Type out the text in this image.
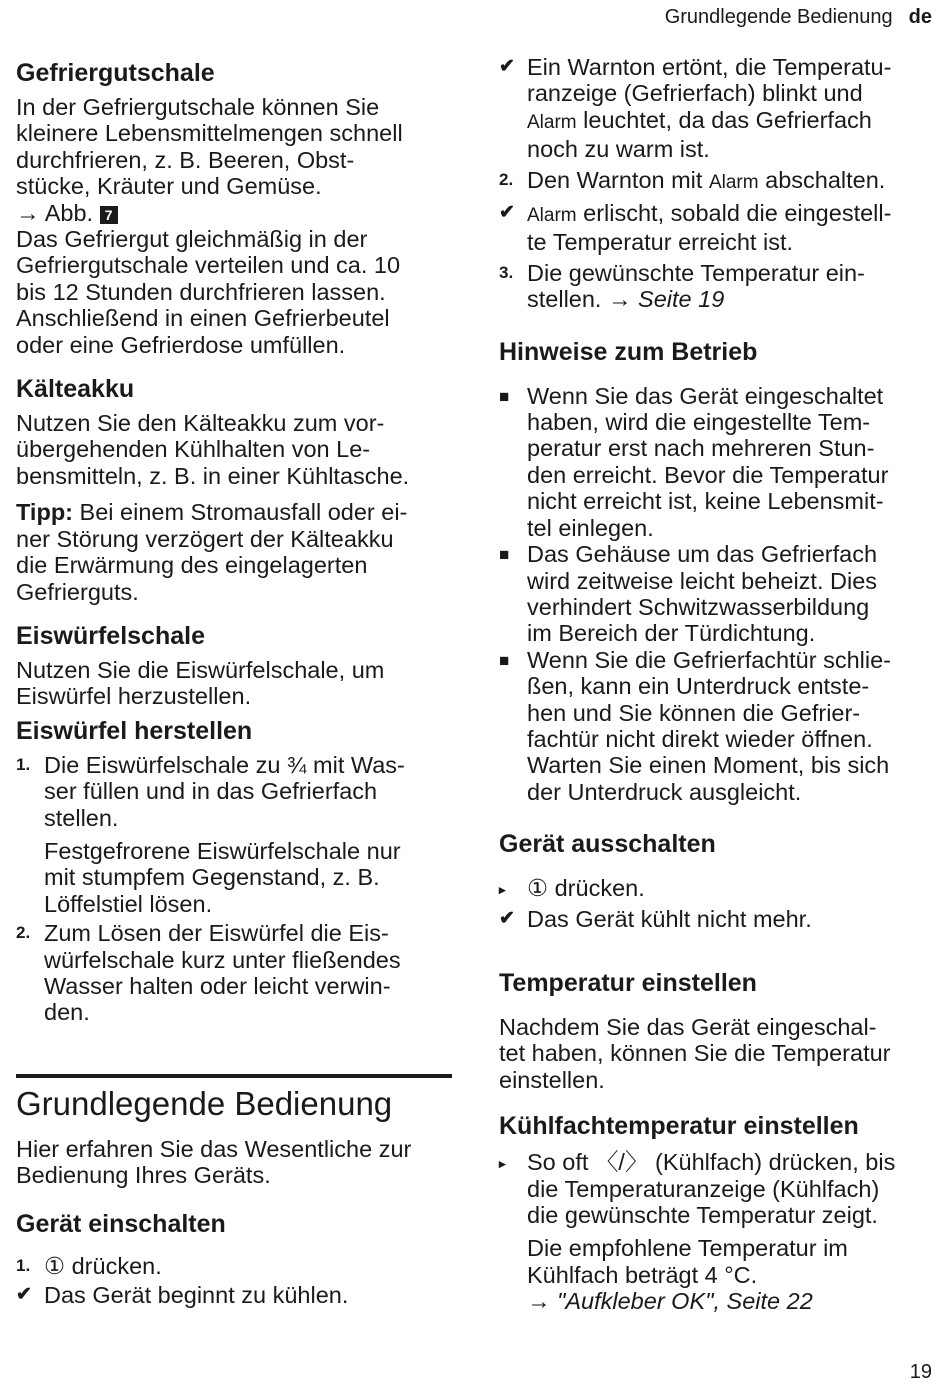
Grundlegende Bedienung de
Gefriergutschale

In der Gefriergutschale können Sie
kleinere Lebensmittelmengen schnell
durchfrieren, z. B. Beeren, Obst-
stücke, Kräuter und Gemüse.
→ Abb. 7

Das Gefriergut gleichmäßig in der
Gefriergutschale verteilen und ca. 10
bis 12 Stunden durchfrieren lassen.
Anschließend in einen Gefrierbeutel
oder eine Gefrierdose umfüllen.

Kälteakku

Nutzen Sie den Kälteakku zum vor-
übergehenden Kühlhalten von Le-
bensmitteln, z. B. in einer Kühltasche.

Tipp: Bei einem Stromausfall oder ei-
ner Störung verzögert der Kälteakku
die Erwärmung des eingelagerten
Gefrierguts.

Eiswürfelschale

Nutzen Sie die Eiswürfelschale, um
Eiswürfel herzustellen.

Eiswürfel herstellen
1. Die Eiswürfelschale zu ¾ mit Was-
ser füllen und in das Gefrierfach
stellen.
Festgefrorene Eiswürfelschale nur
mit stumpfem Gegenstand, z. B.
Löffelstiel lösen.
2. Zum Lösen der Eiswürfel die Eis-
würfelschale kurz unter fließendes
Wasser halten oder leicht verwin-
den.
Grundlegende Bedienung

Hier erfahren Sie das Wesentliche zur
Bedienung Ihres Geräts.

Gerät einschalten
1. ① drücken.
✔ Das Gerät beginnt zu kühlen.
✔ Ein Warnton ertönt, die Temperatu-
ranzeige (Gefrierfach) blinkt und
Alarm leuchtet, da das Gefrierfach
noch zu warm ist.
2. Den Warnton mit Alarm abschalten.
✔ Alarm erlischt, sobald die eingestell-
te Temperatur erreicht ist.
3. Die gewünschte Temperatur ein-
stellen. → Seite 19
Hinweise zum Betrieb
■ Wenn Sie das Gerät eingeschaltet
haben, wird die eingestellte Tem-
peratur erst nach mehreren Stun-
den erreicht. Bevor die Temperatur
nicht erreicht ist, keine Lebensmit-
tel einlegen.
■ Das Gehäuse um das Gefrierfach
wird zeitweise leicht beheizt. Dies
verhindert Schwitzwasserbildung
im Bereich der Türdichtung.
■ Wenn Sie die Gefrierfachtür schlie-
ßen, kann ein Unterdruck entste-
hen und Sie können die Gefrier-
fachtür nicht direkt wieder öffnen.
Warten Sie einen Moment, bis sich
der Unterdruck ausgleicht.
Gerät ausschalten
▸ ① drücken.
✔ Das Gerät kühlt nicht mehr.
Temperatur einstellen

Nachdem Sie das Gerät eingeschal-
tet haben, können Sie die Temperatur
einstellen.

Kühlfachtemperatur einstellen
▸ So oft 〈/〉 (Kühlfach) drücken, bis
die Temperaturanzeige (Kühlfach)
die gewünschte Temperatur zeigt.
Die empfohlene Temperatur im
Kühlfach beträgt 4 °C.
→ "Aufkleber OK", Seite 22
19
